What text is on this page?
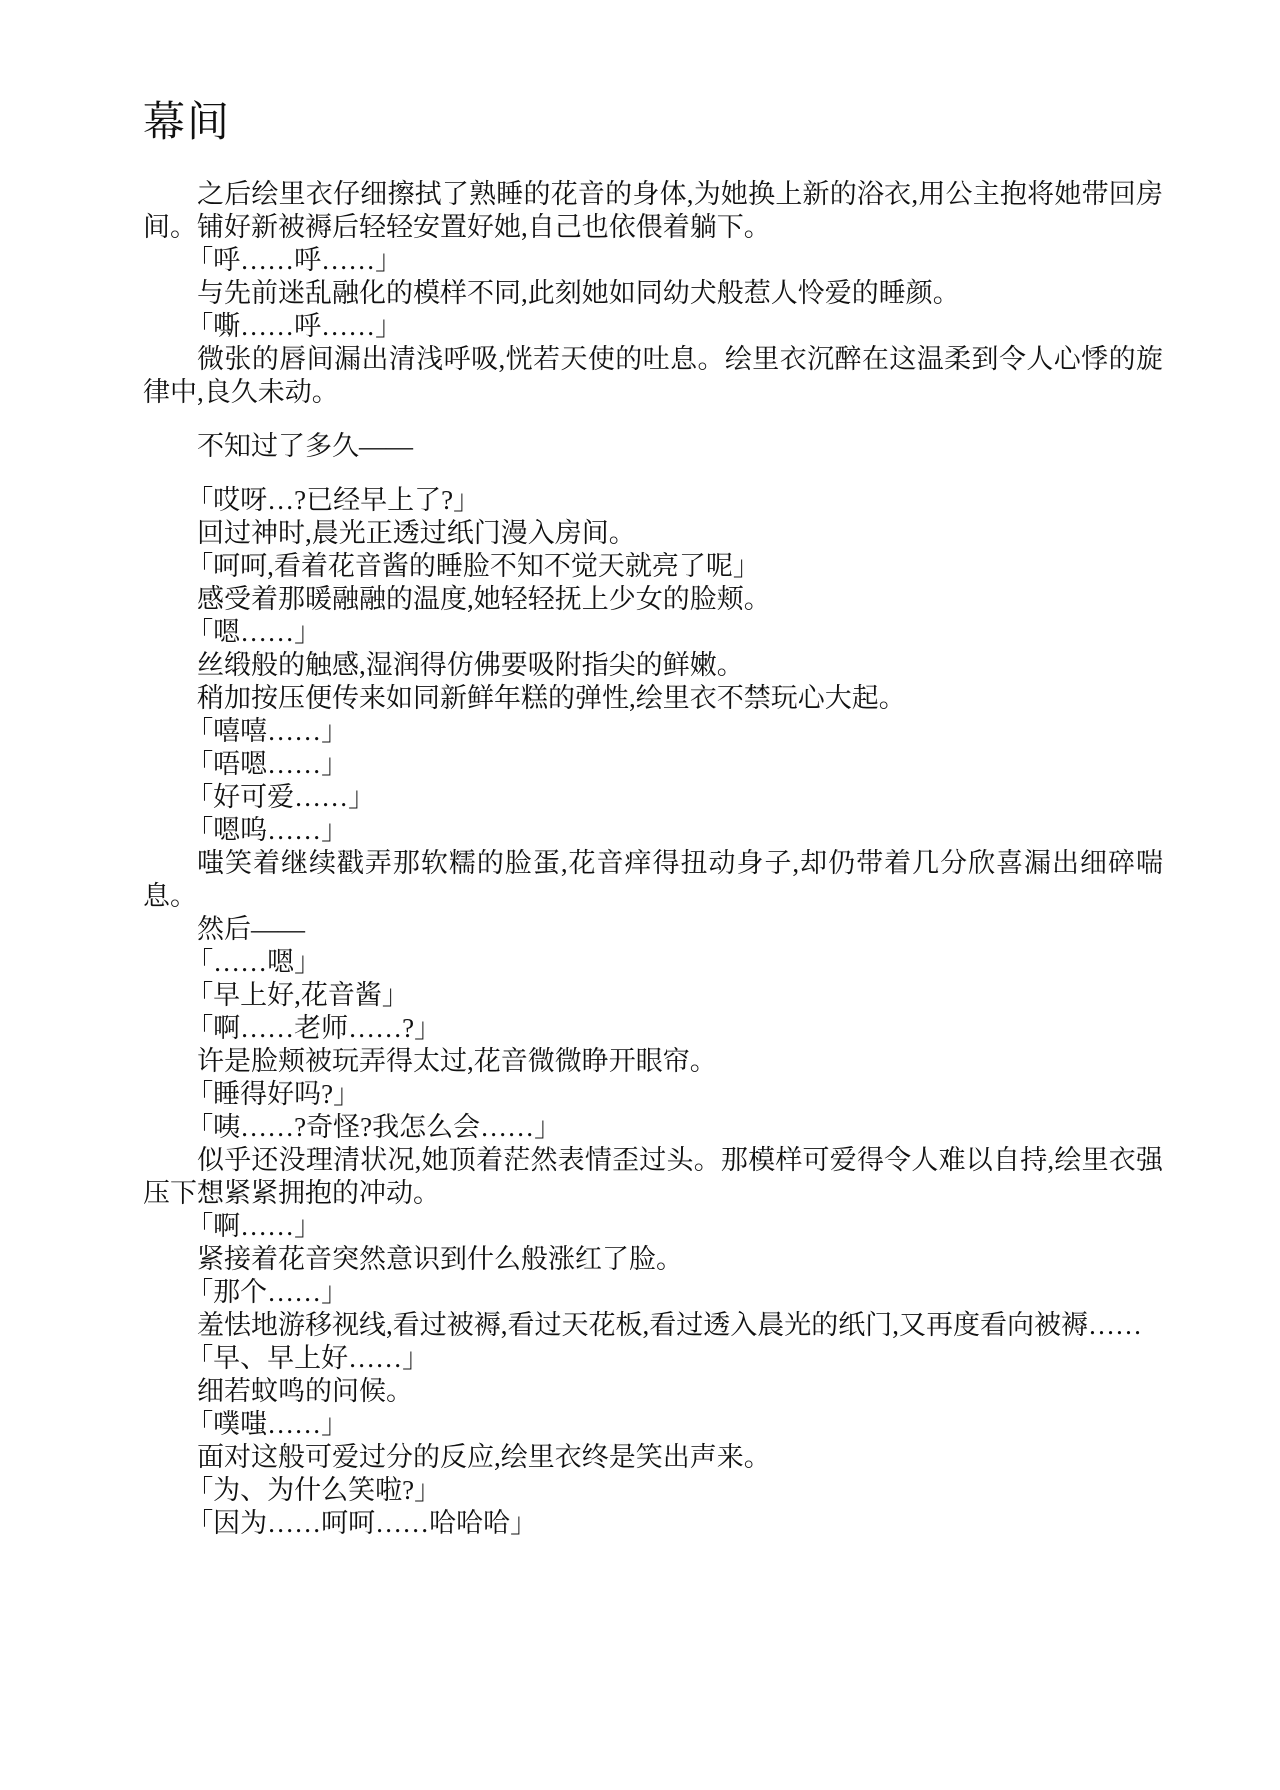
幕间

之后绘里衣仔细擦拭了熟睡的花音的身体,为她换上新的浴衣,用公主抱将她带回房间。铺好新被褥后轻轻安置好她,自己也依偎着躺下。

「呼……呼……」

与先前迷乱融化的模样不同,此刻她如同幼犬般惹人怜爱的睡颜。

「嘶……呼……」

微张的唇间漏出清浅呼吸,恍若天使的吐息。绘里衣沉醉在这温柔到令人心悸的旋律中,良久未动。

不知过了多久——

「哎呀…?已经早上了?」

回过神时,晨光正透过纸门漫入房间。

「呵呵,看着花音酱的睡脸不知不觉天就亮了呢」

感受着那暖融融的温度,她轻轻抚上少女的脸颊。

「嗯……」

丝缎般的触感,湿润得仿佛要吸附指尖的鲜嫩。

稍加按压便传来如同新鲜年糕的弹性,绘里衣不禁玩心大起。

「嘻嘻……」

「唔嗯……」

「好可爱……」

「嗯呜……」

嗤笑着继续戳弄那软糯的脸蛋,花音痒得扭动身子,却仍带着几分欣喜漏出细碎喘息。

然后——

「……嗯」

「早上好,花音酱」

「啊……老师……?」

许是脸颊被玩弄得太过,花音微微睁开眼帘。

「睡得好吗?」

「咦……?奇怪?我怎么会……」

似乎还没理清状况,她顶着茫然表情歪过头。那模样可爱得令人难以自持,绘里衣强压下想紧紧拥抱的冲动。

「啊……」

紧接着花音突然意识到什么般涨红了脸。

「那个……」

羞怯地游移视线,看过被褥,看过天花板,看过透入晨光的纸门,又再度看向被褥……

「早、早上好……」

细若蚊鸣的问候。

「噗嗤……」

面对这般可爱过分的反应,绘里衣终是笑出声来。

「为、为什么笑啦?」

「因为……呵呵……哈哈哈」
